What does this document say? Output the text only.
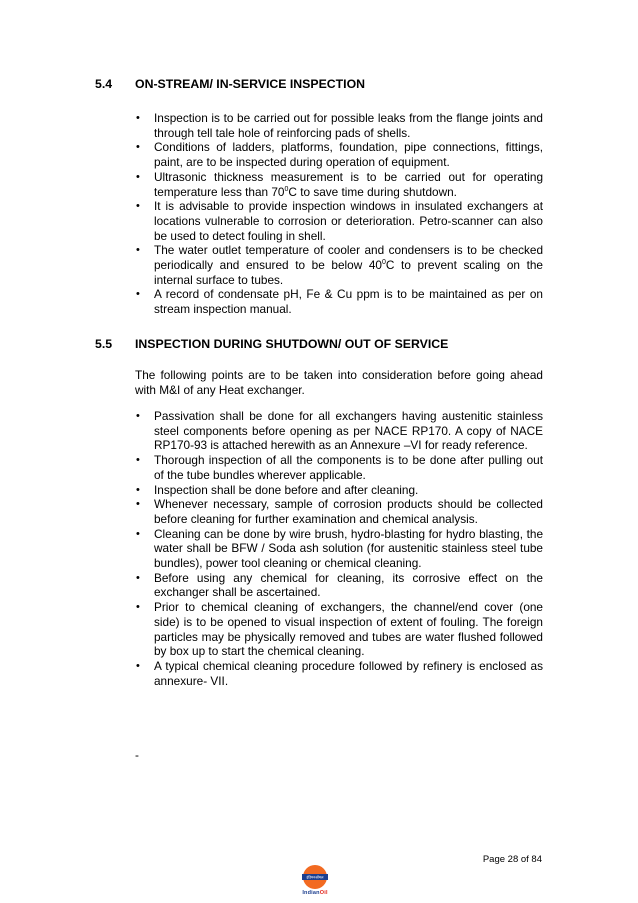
5.4 ON-STREAM/ IN-SERVICE INSPECTION
• Inspection is to be carried out for possible leaks from the flange joints and through tell tale hole of reinforcing pads of shells.
• Conditions of ladders, platforms, foundation, pipe connections, fittings, paint, are to be inspected during operation of equipment.
• Ultrasonic thickness measurement is to be carried out for operating temperature less than $70^0C$ to save time during shutdown.
• It is advisable to provide inspection windows in insulated exchangers at locations vulnerable to corrosion or deterioration. Petro-scanner can also be used to detect fouling in shell.
• The water outlet temperature of cooler and condensers is to be checked periodically and ensured to be below $40^0C$ to prevent scaling on the internal surface to tubes.
• A record of condensate pH, Fe & Cu ppm is to be maintained as per on stream inspection manual.
5.5 INSPECTION DURING SHUTDOWN/ OUT OF SERVICE
The following points are to be taken into consideration before going ahead with M&I of any Heat exchanger.
• Passivation shall be done for all exchangers having austenitic stainless steel components before opening as per NACE RP170. A copy of NACE RP170-93 is attached herewith as an Annexure –VI for ready reference.
• Thorough inspection of all the components is to be done after pulling out of the tube bundles wherever applicable.
• Inspection shall be done before and after cleaning.
• Whenever necessary, sample of corrosion products should be collected before cleaning for further examination and chemical analysis.
• Cleaning can be done by wire brush, hydro-blasting for hydro blasting, the water shall be BFW / Soda ash solution (for austenitic stainless steel tube bundles), power tool cleaning or chemical cleaning.
• Before using any chemical for cleaning, its corrosive effect on the exchanger shall be ascertained.
• Prior to chemical cleaning of exchangers, the channel/end cover (one side) is to be opened to visual inspection of extent of fouling. The foreign particles may be physically removed and tubes are water flushed followed by box up to start the chemical cleaning.
• A typical chemical cleaning procedure followed by refinery is enclosed as annexure- VII.
-
Page 28 of 84
इंडियनऑयल
IndianOil
